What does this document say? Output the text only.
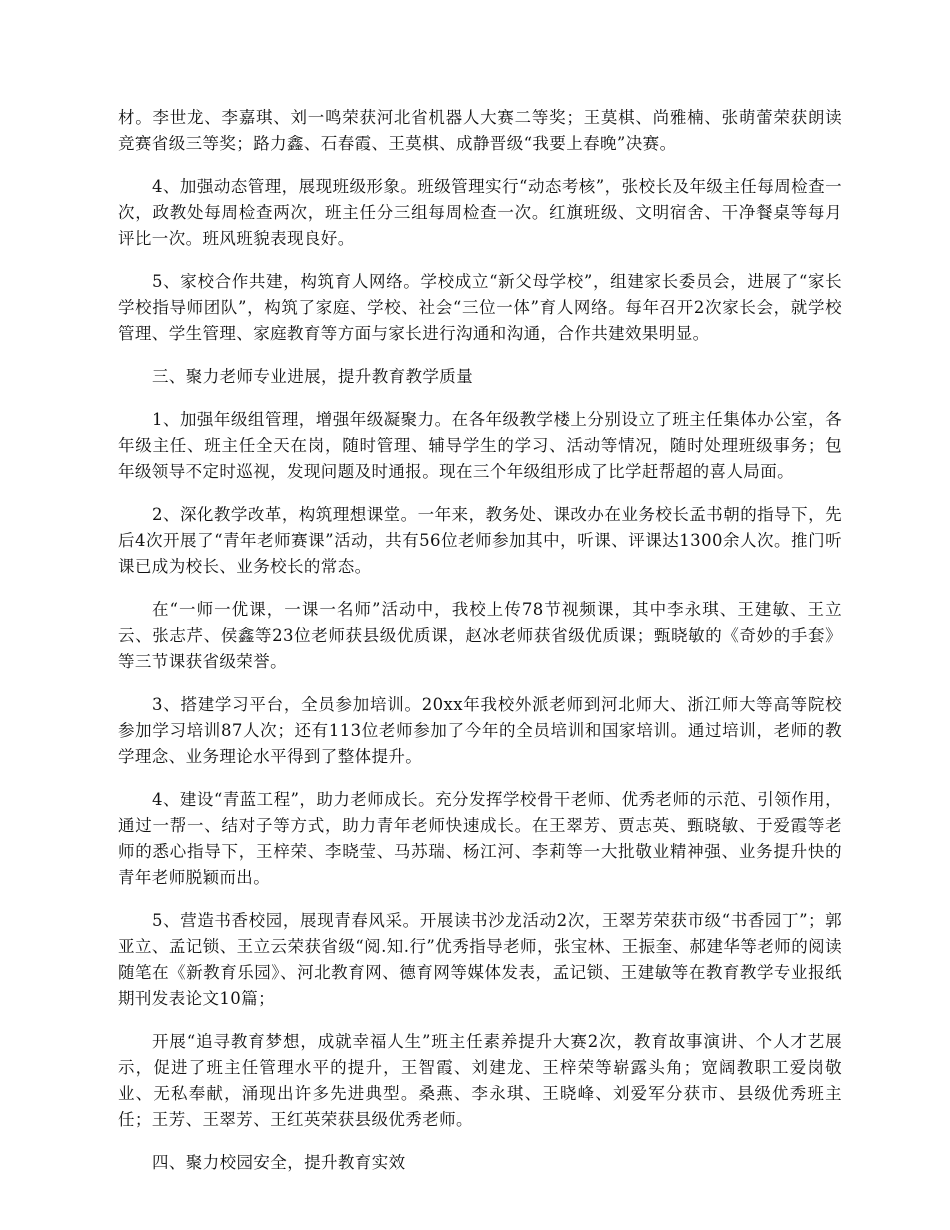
材。李世龙、李嘉琪、刘一鸣荣获河北省机器人大赛二等奖；王莫棋、尚雅楠、张萌蕾荣获朗读竞赛省级三等奖；路力鑫、石春霞、王莫棋、成静晋级“我要上春晚”决赛。

4、加强动态管理，展现班级形象。班级管理实行“动态考核”，张校长及年级主任每周检查一次，政教处每周检查两次，班主任分三组每周检查一次。红旗班级、文明宿舍、干净餐桌等每月评比一次。班风班貌表现良好。

5、家校合作共建，构筑育人网络。学校成立“新父母学校”，组建家长委员会，进展了“家长学校指导师团队”，构筑了家庭、学校、社会“三位一体”育人网络。每年召开2次家长会，就学校管理、学生管理、家庭教育等方面与家长进行沟通和沟通，合作共建效果明显。

三、聚力老师专业进展，提升教育教学质量

1、加强年级组管理，增强年级凝聚力。在各年级教学楼上分别设立了班主任集体办公室，各年级主任、班主任全天在岗，随时管理、辅导学生的学习、活动等情况，随时处理班级事务；包年级领导不定时巡视，发现问题及时通报。现在三个年级组形成了比学赶帮超的喜人局面。

2、深化教学改革，构筑理想课堂。一年来，教务处、课改办在业务校长孟书朝的指导下，先后4次开展了“青年老师赛课”活动，共有56位老师参加其中，听课、评课达1300余人次。推门听课已成为校长、业务校长的常态。

在“一师一优课，一课一名师”活动中，我校上传78节视频课，其中李永琪、王建敏、王立云、张志芹、侯鑫等23位老师获县级优质课，赵冰老师获省级优质课；甄晓敏的《奇妙的手套》等三节课获省级荣誉。

3、搭建学习平台，全员参加培训。20xx年我校外派老师到河北师大、浙江师大等高等院校参加学习培训87人次；还有113位老师参加了今年的全员培训和国家培训。通过培训，老师的教学理念、业务理论水平得到了整体提升。

4、建设“青蓝工程”，助力老师成长。充分发挥学校骨干老师、优秀老师的示范、引领作用，通过一帮一、结对子等方式，助力青年老师快速成长。在王翠芳、贾志英、甄晓敏、于爱霞等老师的悉心指导下，王梓荣、李晓莹、马苏瑞、杨江河、李莉等一大批敬业精神强、业务提升快的青年老师脱颖而出。

5、营造书香校园，展现青春风采。开展读书沙龙活动2次，王翠芳荣获市级“书香园丁”；郭亚立、孟记锁、王立云荣获省级“阅.知.行”优秀指导老师，张宝林、王振奎、郝建华等老师的阅读随笔在《新教育乐园》、河北教育网、德育网等媒体发表，孟记锁、王建敏等在教育教学专业报纸期刊发表论文10篇；

开展“追寻教育梦想，成就幸福人生”班主任素养提升大赛2次，教育故事演讲、个人才艺展示，促进了班主任管理水平的提升，王智霞、刘建龙、王梓荣等崭露头角；宽阔教职工爱岗敬业、无私奉献，涌现出许多先进典型。桑燕、李永琪、王晓峰、刘爱军分获市、县级优秀班主任；王芳、王翠芳、王红英荣获县级优秀老师。

四、聚力校园安全，提升教育实效
